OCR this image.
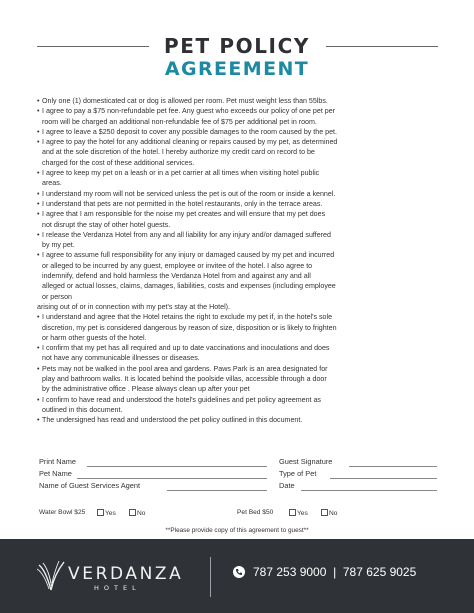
PET POLICY
AGREEMENT
• Only one (1) domesticated cat or dog is allowed per room. Pet must weight less than 55lbs.
• I agree to pay a $75 non-refundable pet fee. Any guest who exceeds our policy of one pet per
room will be charged an additional non-refundable fee of $75 per additional pet in room.
• I agree to leave a $250 deposit to cover any possible damages to the room caused by the pet.
• I agree to pay the hotel for any additional cleaning or repairs caused by my pet, as determined
and at the sole discretion of the hotel. I hereby authorize my credit card on record to be
charged for the cost of these additional services.
• I agree to keep my pet on a leash or in a pet carrier at all times when visiting hotel public
areas.
• I understand my room will not be serviced unless the pet is out of the room or inside a kennel.
• I understand that pets are not permitted in the hotel restaurants, only in the terrace areas.
• I agree that I am responsible for the noise my pet creates and will ensure that my pet does
not disrupt the stay of other hotel guests.
• I release the Verdanza Hotel from any and all liability for any injury and/or damaged suffered
by my pet.
• I agree to assume full responsibility for any injury or damaged caused by my pet and incurred
or alleged to be incurred by any guest, employee or invitee of the hotel. I also agree to
indemnify, defend and hold harmless the Verdanza Hotel from and against any and all
alleged or actual losses, claims, damages, liabilities, costs and expenses (including employee
or person
arising out of or in connection with my pet's stay at the Hotel).
• I understand and agree that the Hotel retains the right to exclude my pet if, in the hotel's sole
discretion, my pet is considered dangerous by reason of size, disposition or is likely to frighten
or harm other guests of the hotel.
• I confirm that my pet has all required and up to date vaccinations and inoculations and does
not have any communicable illnesses or diseases.
• Pets may not be walked in the pool area and gardens. Paws Park is an area designated for
play and bathroom walks. It is located behind the poolside villas, accessible through a door
by the administrative office . Please always clean up after your pet
• I confirm to have read and understood the hotel's guidelines and pet policy agreement as
outlined in this document.
• The undersigned has read and understood the pet policy outlined in this document.
Print Name	Guest Signature
Pet Name	Type of Pet
Name of Guest Services Agent	Date
Water Bowl $25	Yes	No	Pet Bed $50	Yes	No
**Please provide copy of this agreement to guest**
VERDANZA
HOTEL
787 253 9000  |  787 625 9025
